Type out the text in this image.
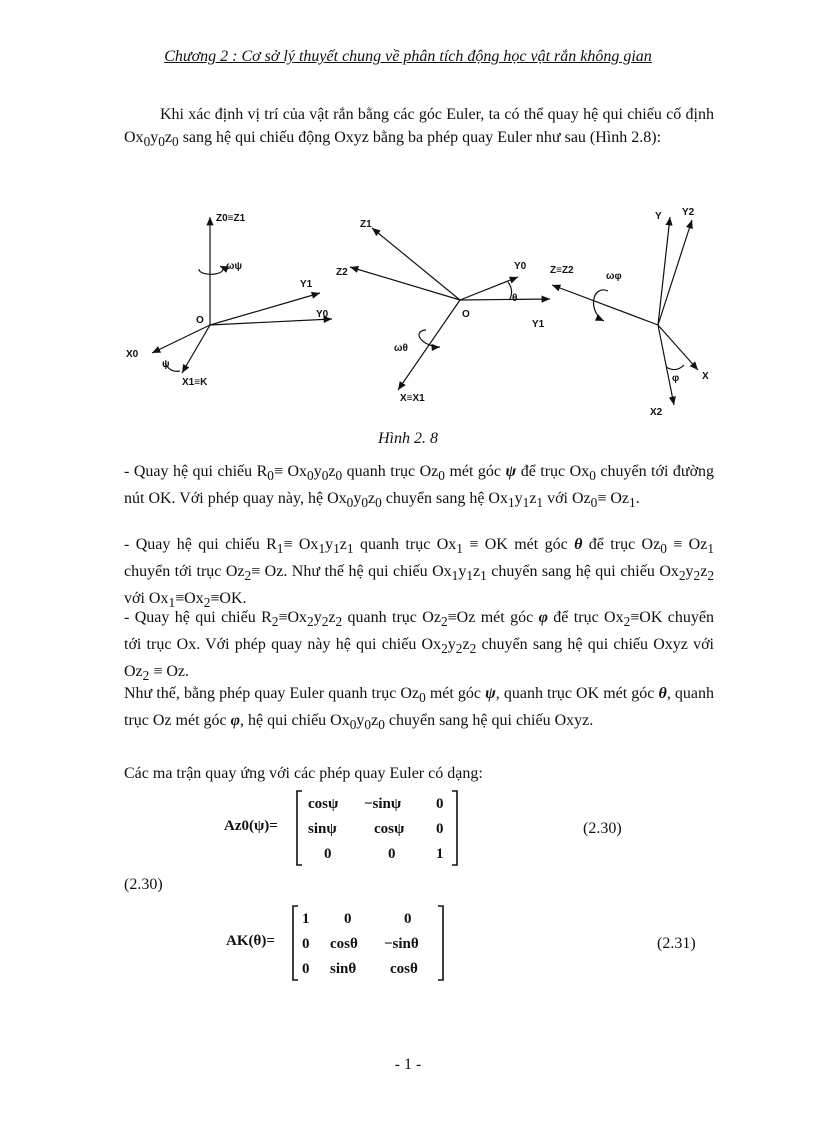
Chương 2 : Cơ sở lý thuyết chung về phân tích động học vật rắn không gian

Khi xác định vị trí của vật rắn bằng các góc Euler, ta có thể quay hệ qui chiếu cố định $Ox_0y_0z_0$ sang hệ qui chiếu động Oxyz bằng ba phép quay Euler như sau (Hình 2.8):

Z0≡Z1
ωψ
Y1
Y0
O
X0
ψ
X1≡K
Z1
Z2
Y0
θ
O
Y1
ωθ
X≡X1
Y Y2
Z≡Z2
ωφ
φ X
X2
Hình 2. 8

- Quay hệ qui chiếu $R_0\equiv Ox_0y_0z_0$ quanh trục $Oz_0$ mét góc ψ để trục $Ox_0$ chuyển tới đường nút OK. Với phép quay này, hệ $Ox_0y_0z_0$ chuyển sang hệ $Ox_1y_1z_1$ với $Oz_0\equiv Oz_1$.

- Quay hệ qui chiếu $R_1\equiv Ox_1y_1z_1$ quanh trục $Ox_1$ ≡ OK mét góc θ để trục $Oz_0 \equiv Oz_1$ chuyển tới trục $Oz_2\equiv Oz$. Như thế hệ qui chiếu $Ox_1y_1z_1$ chuyển sang hệ qui chiếu $Ox_2y_2z_2$ với $Ox_1\equiv Ox_2\equiv OK$.

- Quay hệ qui chiếu $R_2\equiv Ox_2y_2z_2$ quanh trục $Oz_2\equiv Oz$ mét góc φ để trục $Ox_2\equiv OK$ chuyển tới trục Ox. Với phép quay này hệ qui chiếu $Ox_2y_2z_2$ chuyển sang hệ qui chiếu Oxyz với $Oz_2 \equiv Oz$.

Như thế, bằng phép quay Euler quanh trục $Oz_0$ mét góc ψ, quanh trục OK mét góc θ, quanh trục Oz mét góc φ, hệ qui chiếu $Ox_0y_0z_0$ chuyển sang hệ qui chiếu Oxyz.

Các ma trận quay ứng với các phép quay Euler có dạng:
Az0(ψ)=
cosψ −sinψ 0
sinψ cosψ 0
0	0	1
(2.30)
(2.30)
AK(θ)=
1 0	0
0 cosθ −sinθ
0 sinθ cosθ
(2.31)
- 1 -
